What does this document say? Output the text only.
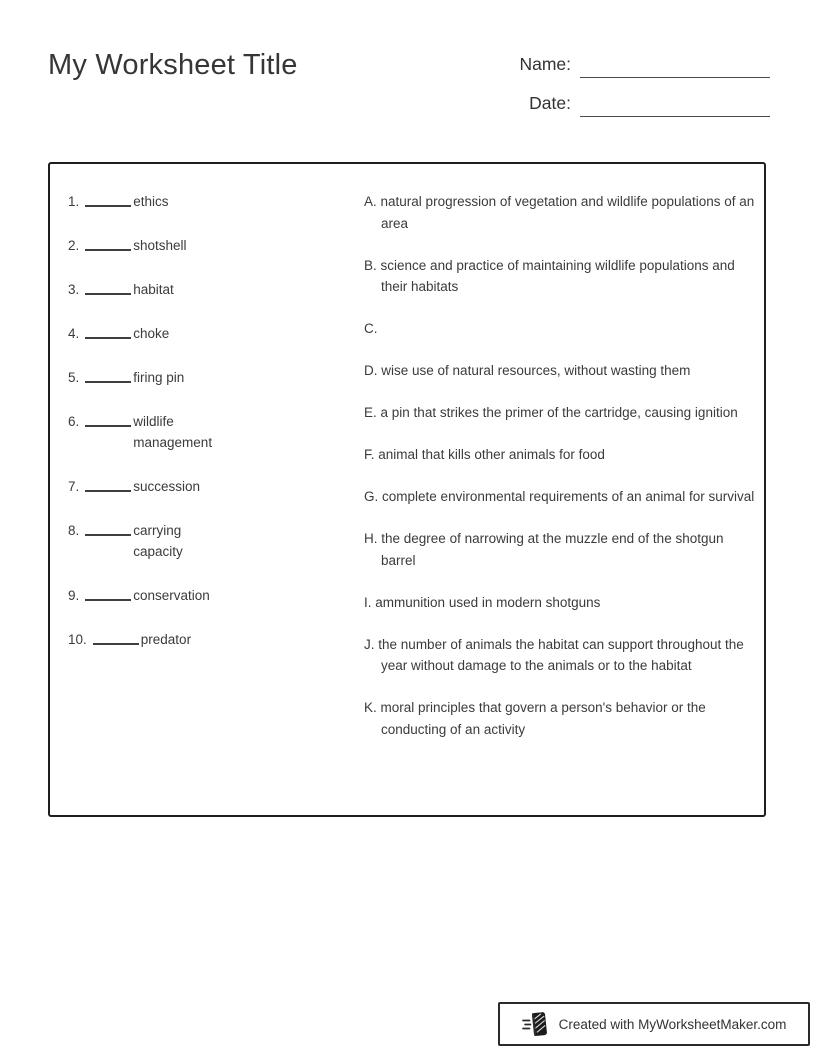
My Worksheet Title	Name:
Date:
1.	ethics
2.	shotshell
3.	habitat
4.	choke
5.	firing pin
6.	wildlife management
7.	succession
8.	carrying capacity
9.	conservation
10.	predator
A. natural progression of vegetation and wildlife populations of an area
B. science and practice of maintaining wildlife populations and their habitats
C.
D. wise use of natural resources, without wasting them
E. a pin that strikes the primer of the cartridge, causing ignition
F. animal that kills other animals for food
G. complete environmental requirements of an animal for survival
H. the degree of narrowing at the muzzle end of the shotgun barrel
I. ammunition used in modern shotguns
J. the number of animals the habitat can support throughout the year without damage to the animals or to the habitat
K. moral principles that govern a person's behavior or the conducting of an activity
Created with MyWorksheetMaker.com
